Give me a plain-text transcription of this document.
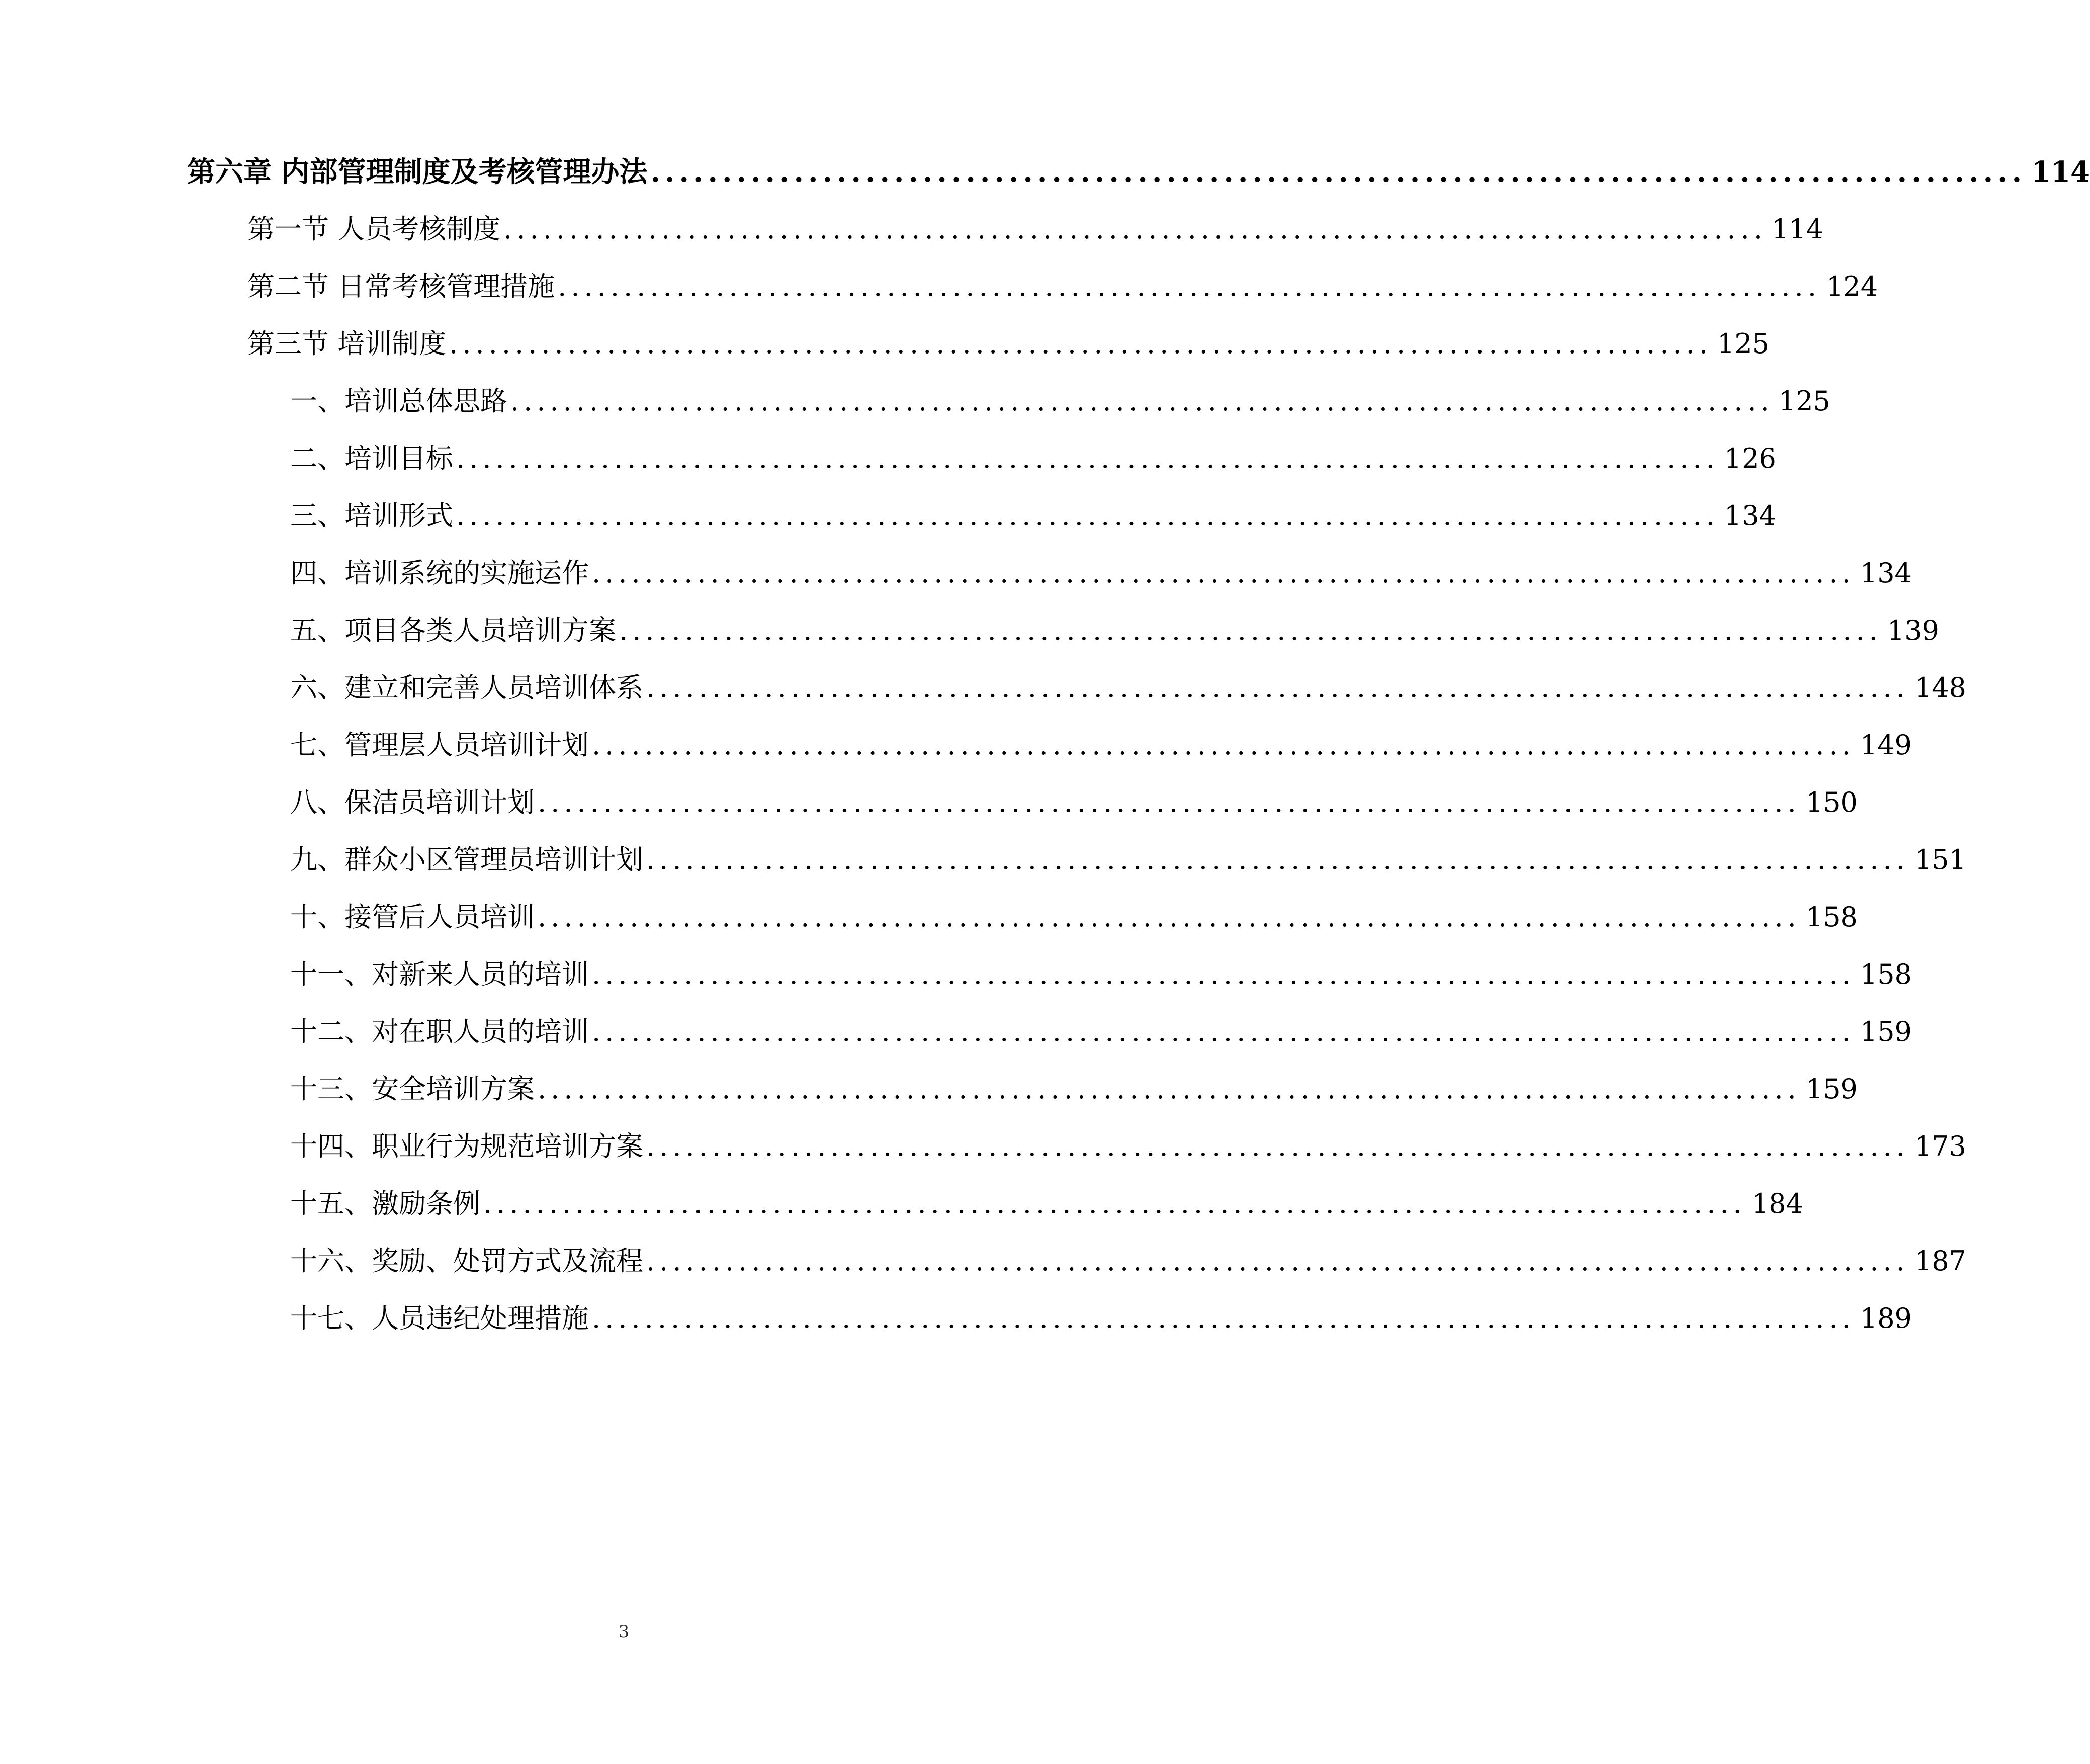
第六章 内部管理制度及考核管理办法 ................................................................................................ 114
第一节 人员考核制度 ................................................................................................ 114
第二节 日常考核管理措施 ................................................................................................ 124
第三节 培训制度 ................................................................................................ 125
一、培训总体思路 ................................................................................................ 125
二、培训目标 ................................................................................................ 126
三、培训形式 ................................................................................................ 134
四、培训系统的实施运作 ................................................................................................ 134
五、项目各类人员培训方案 ................................................................................................ 139
六、建立和完善人员培训体系 ................................................................................................ 148
七、管理层人员培训计划 ................................................................................................ 149
八、保洁员培训计划 ................................................................................................ 150
九、群众小区管理员培训计划 ................................................................................................ 151
十、接管后人员培训 ................................................................................................ 158
十一、对新来人员的培训 ................................................................................................ 158
十二、对在职人员的培训 ................................................................................................ 159
十三、安全培训方案 ................................................................................................ 159
十四、职业行为规范培训方案 ................................................................................................ 173
十五、激励条例 ................................................................................................ 184
十六、奖励、处罚方式及流程 ................................................................................................ 187
十七、人员违纪处理措施 ................................................................................................ 189
3
